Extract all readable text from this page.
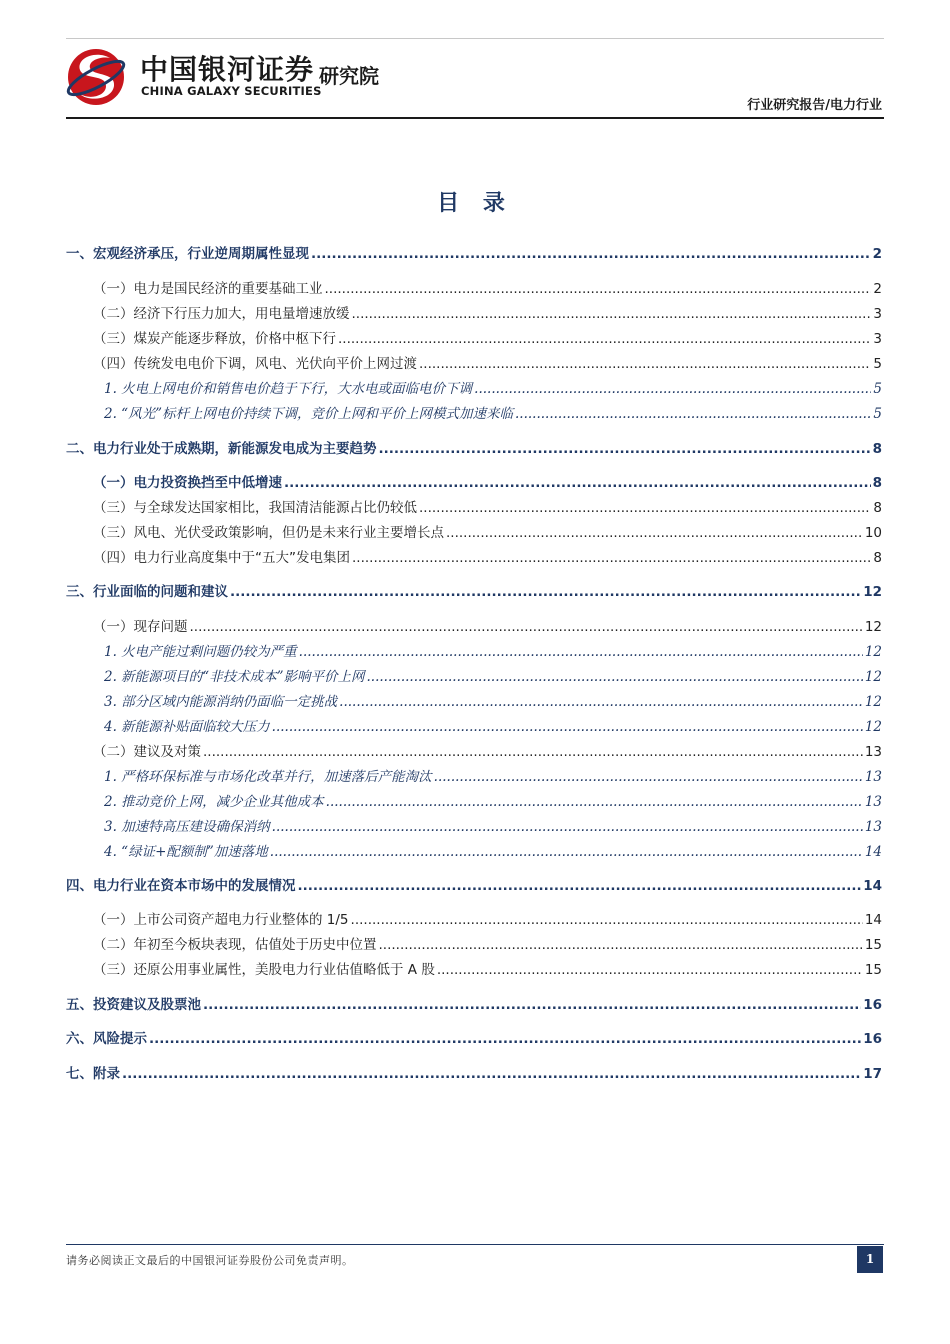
中国银河证券
CHINA GALAXY SECURITIES
研究院
行业研究报告/电力行业
目 录
一、宏观经济承压，行业逆周期属性显现 .....	2
（一）电力是国民经济的重要基础工业 .....	2
（二）经济下行压力加大，用电量增速放缓 .....	3
（三）煤炭产能逐步释放，价格中枢下行 .....	3
（四）传统发电电价下调，风电、光伏向平价上网过渡 .....	5
1. 火电上网电价和销售电价趋于下行，大水电或面临电价下调 .....	5
2. “风光”标杆上网电价持续下调，竞价上网和平价上网模式加速来临 .....	5
二、电力行业处于成熟期，新能源发电成为主要趋势 .....	8
（一）电力投资换挡至中低增速 .....	8
（三）与全球发达国家相比，我国清洁能源占比仍较低 .....	8
（三）风电、光伏受政策影响，但仍是未来行业主要增长点 .....	10
（四）电力行业高度集中于“五大”发电集团 .....	8
三、行业面临的问题和建议 .....	12
（一）现存问题 .....	12
1. 火电产能过剩问题仍较为严重 .....	12
2. 新能源项目的“非技术成本”影响平价上网 .....	12
3. 部分区域内能源消纳仍面临一定挑战 .....	12
4. 新能源补贴面临较大压力 .....	12
（二）建议及对策 .....	13
1. 严格环保标准与市场化改革并行，加速落后产能淘汰 .....	13
2. 推动竞价上网，减少企业其他成本 .....	13
3. 加速特高压建设确保消纳 .....	13
4. “绿证+配额制”加速落地 .....	14
四、电力行业在资本市场中的发展情况 .....	14
（一）上市公司资产超电力行业整体的 1/5 .....	14
（二）年初至今板块表现，估值处于历史中位置 .....	15
（三）还原公用事业属性，美股电力行业估值略低于 A 股 .....	15
五、投资建议及股票池 .....	16
六、风险提示 .....	16
七、附录 .....	17
请务必阅读正文最后的中国银河证券股份公司免责声明。	1
